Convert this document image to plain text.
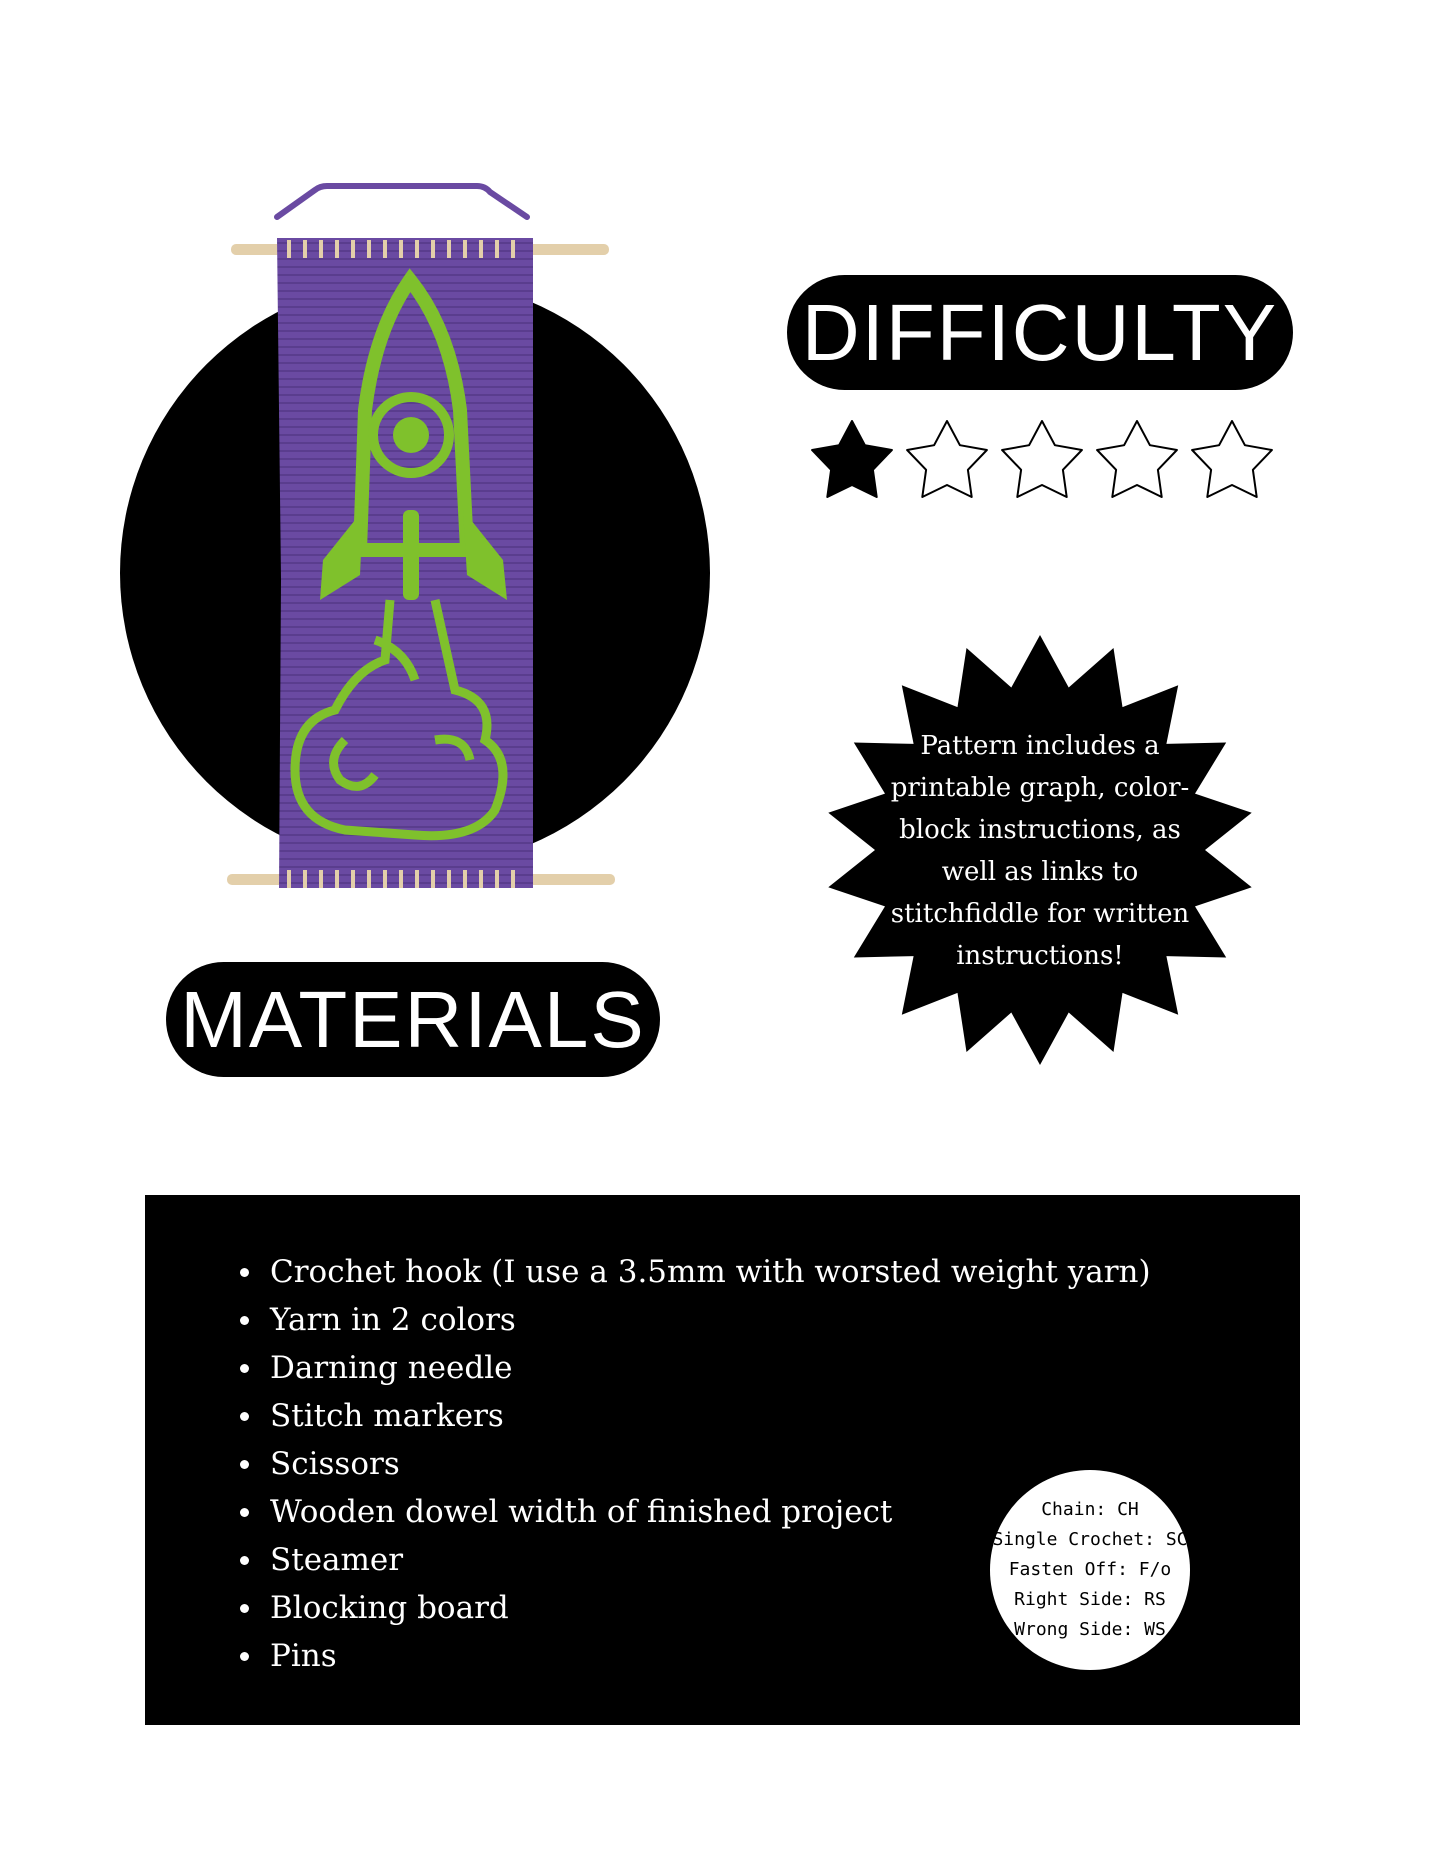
DIFFICULTY
Pattern includes a printable graph, color-block instructions, as well as links to stitchfiddle for written instructions!
MATERIALS
Crochet hook (I use a 3.5mm with worsted weight yarn)
Yarn in 2 colors
Darning needle
Stitch markers
Scissors
Wooden dowel width of finished project
Steamer
Blocking board
Pins
Chain: CH
Single Crochet: SC
Fasten Off: F/o
Right Side: RS
Wrong Side: WS
